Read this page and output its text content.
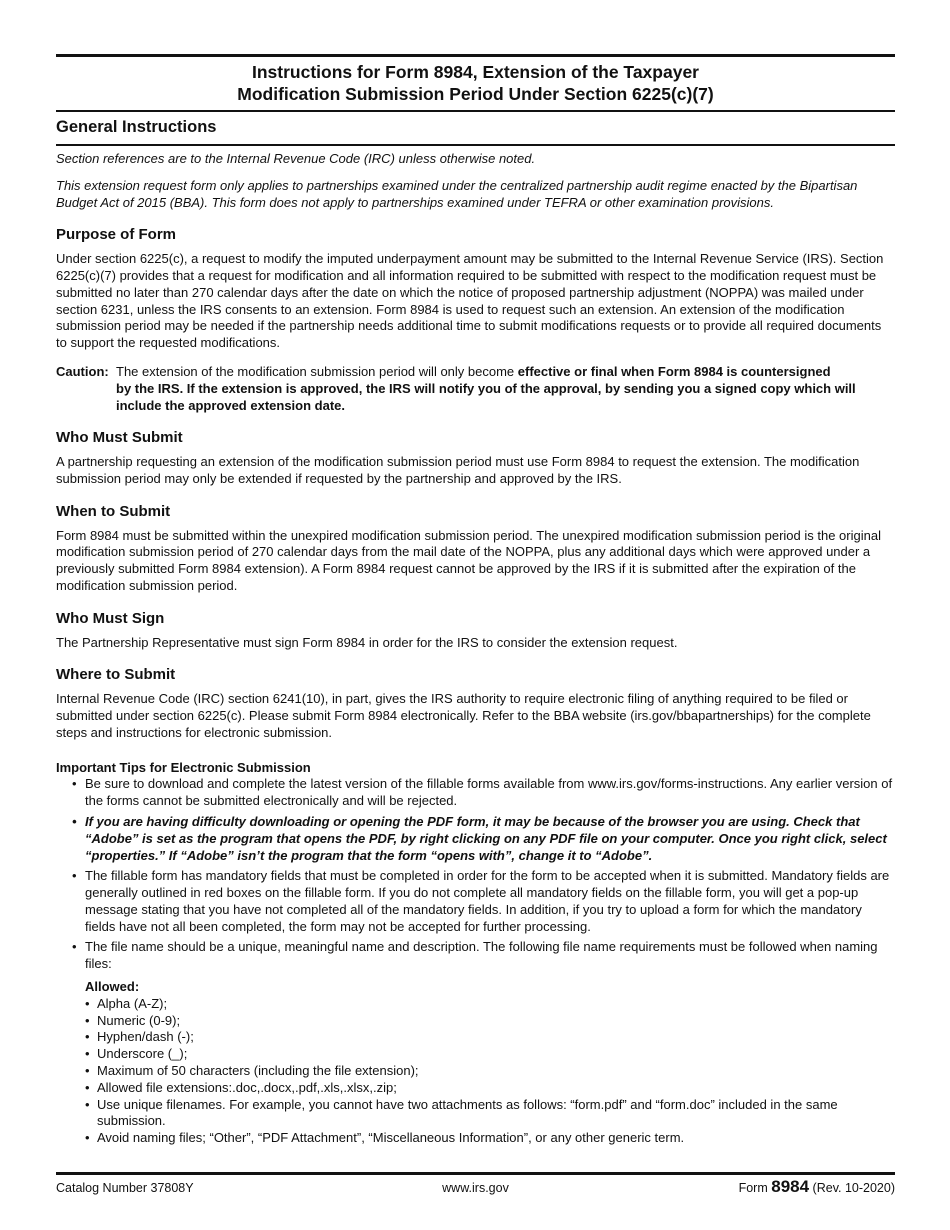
Instructions for Form 8984, Extension of the Taxpayer
Modification Submission Period Under Section 6225(c)(7)
General Instructions

Section references are to the Internal Revenue Code (IRC) unless otherwise noted.

This extension request form only applies to partnerships examined under the centralized partnership audit regime enacted by the Bipartisan Budget Act of 2015 (BBA). This form does not apply to partnerships examined under TEFRA or other examination provisions.

Purpose of Form

Under section 6225(c), a request to modify the imputed underpayment amount may be submitted to the Internal Revenue Service (IRS). Section 6225(c)(7) provides that a request for modification and all information required to be submitted with respect to the modification request must be submitted no later than 270 calendar days after the date on which the notice of proposed partnership adjustment (NOPPA) was mailed under section 6231, unless the IRS consents to an extension. Form 8984 is used to request such an extension. An extension of the modification submission period may be needed if the partnership needs additional time to submit modifications requests or to provide all required documents to support the requested modifications.

Caution: The extension of the modification submission period will only become effective or final when Form 8984 is countersigned

by the IRS. If the extension is approved, the IRS will notify you of the approval, by sending you a signed copy which will include the approved extension date.

Who Must Submit

A partnership requesting an extension of the modification submission period must use Form 8984 to request the extension. The modification submission period may only be extended if requested by the partnership and approved by the IRS.

When to Submit

Form 8984 must be submitted within the unexpired modification submission period. The unexpired modification submission period is the original modification submission period of 270 calendar days from the mail date of the NOPPA, plus any additional days which were approved under a previously submitted Form 8984 extension). A Form 8984 request cannot be approved by the IRS if it is submitted after the expiration of the modification submission period.

Who Must Sign

The Partnership Representative must sign Form 8984 in order for the IRS to consider the extension request.

Where to Submit

Internal Revenue Code (IRC) section 6241(10), in part, gives the IRS authority to require electronic filing of anything required to be filed or submitted under section 6225(c). Please submit Form 8984 electronically. Refer to the BBA website (irs.gov/bbapartnerships) for the complete steps and instructions for electronic submission.

Important Tips for Electronic Submission

• Be sure to download and complete the latest version of the fillable forms available from www.irs.gov/forms-instructions. Any earlier version of the forms cannot be submitted electronically and will be rejected.
• If you are having difficulty downloading or opening the PDF form, it may be because of the browser you are using. Check that “Adobe” is set as the program that opens the PDF, by right clicking on any PDF file on your computer. Once you right click, select “properties.” If “Adobe” isn’t the program that the form “opens with”, change it to “Adobe”.
• The fillable form has mandatory fields that must be completed in order for the form to be accepted when it is submitted. Mandatory fields are generally outlined in red boxes on the fillable form. If you do not complete all mandatory fields on the fillable form, you will get a pop-up message stating that you have not completed all of the mandatory fields. In addition, if you try to upload a form for which the mandatory fields have not all been completed, the form may not be accepted for further processing.
• The file name should be a unique, meaningful name and description. The following file name requirements must be followed when naming files:

Allowed:

• Alpha (A-Z);
• Numeric (0-9);
• Hyphen/dash (-);
• Underscore (_);
• Maximum of 50 characters (including the file extension);
• Allowed file extensions:.doc,.docx,.pdf,.xls,.xlsx,.zip;
• Use unique filenames. For example, you cannot have two attachments as follows: “form.pdf” and “form.doc” included in the same submission.
• Avoid naming files; “Other”, “PDF Attachment”, “Miscellaneous Information”, or any other generic term.
Catalog Number 37808Y	www.irs.gov	Form 8984 (Rev. 10-2020)
